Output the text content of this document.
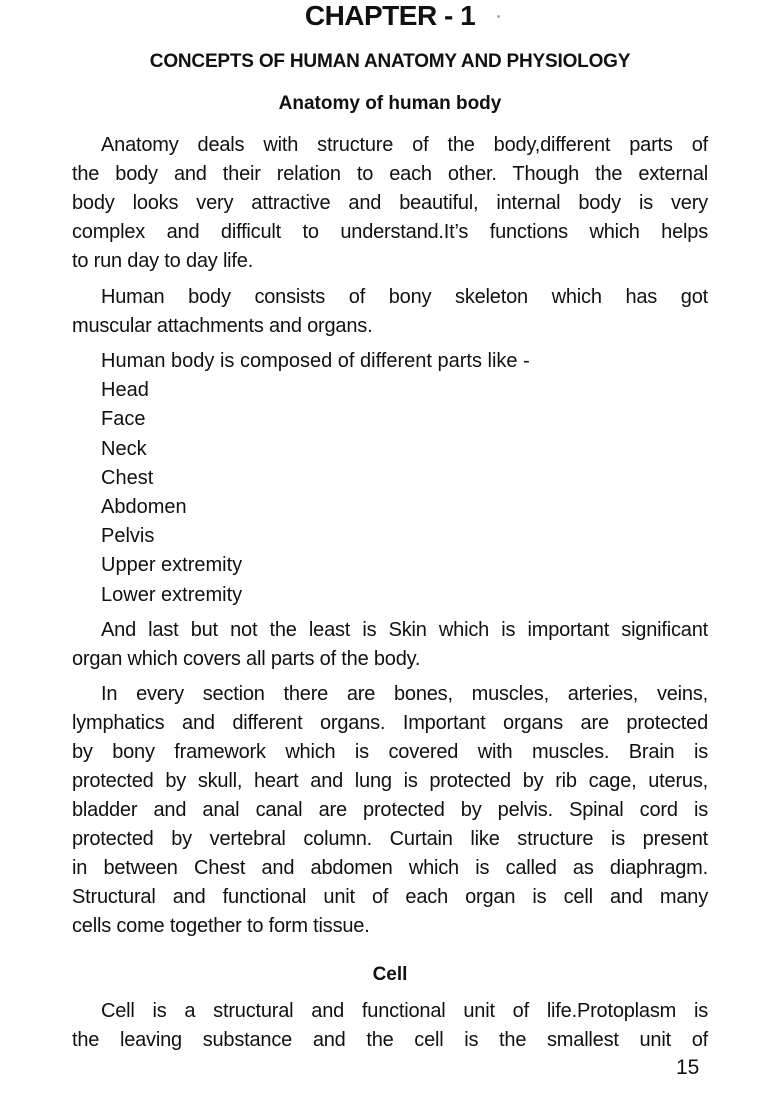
CHAPTER - 1
CONCEPTS OF HUMAN ANATOMY AND PHYSIOLOGY
Anatomy of human body
Anatomy deals with structure of the body,different parts of
the body and their relation to each other. Though the external
body looks very attractive and beautiful, internal body is very
complex and difficult to understand.It’s functions which helps
to run day to day life.
Human body consists of bony skeleton which has got
muscular attachments and organs.
Human body is composed of different parts like -
Head
Face
Neck
Chest
Abdomen
Pelvis
Upper extremity
Lower extremity
And last but not the least is Skin which is important significant
organ which covers all parts of the body.
In every section there are bones, muscles, arteries, veins,
lymphatics and different organs. Important organs are protected
by bony framework which is covered with muscles. Brain is
protected by skull, heart and lung is protected by rib cage, uterus,
bladder and anal canal are protected by pelvis. Spinal cord is
protected by vertebral column. Curtain like structure is present
in between Chest and abdomen which is called as diaphragm.
Structural and functional unit of each organ is cell and many
cells come together to form tissue.
Cell
Cell is a structural and functional unit of life.Protoplasm is
the leaving substance and the cell is the smallest unit of
15
